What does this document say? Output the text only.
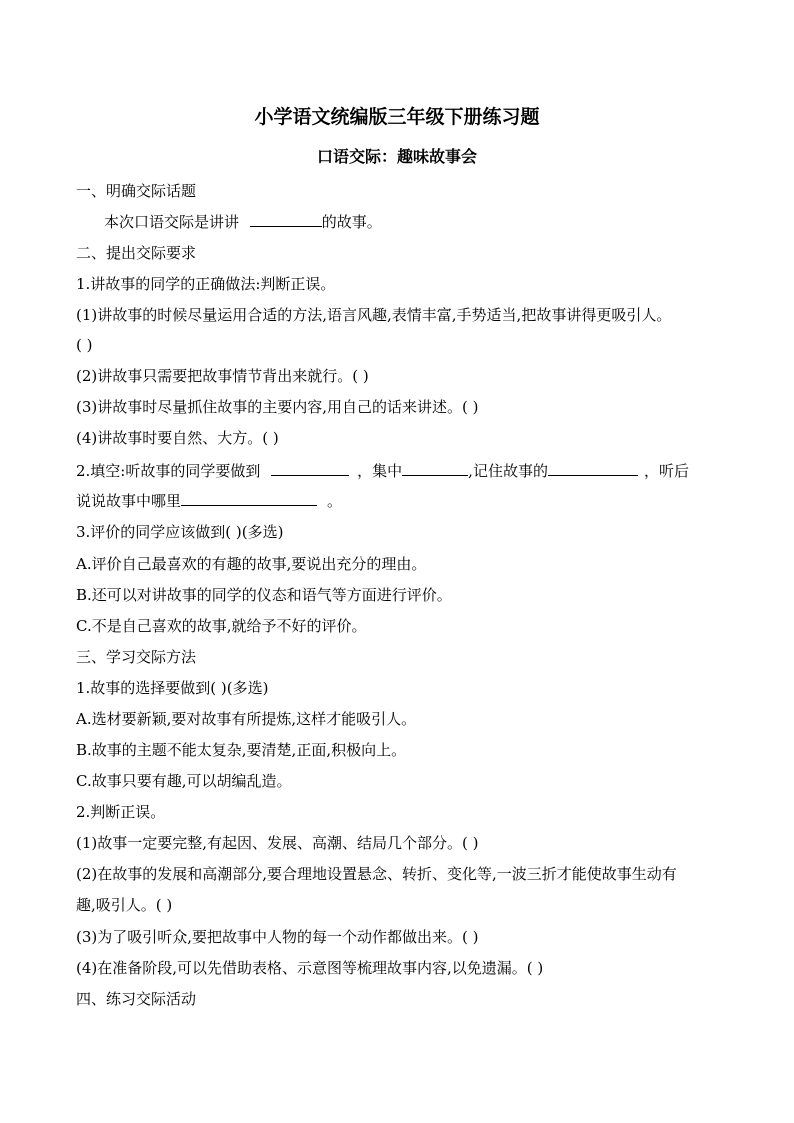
小学语文统编版三年级下册练习题
口语交际：趣味故事会
一、明确交际话题
本次口语交际是讲讲	的故事。
二、提出交际要求
1.讲故事的同学的正确做法:判断正误。
(1)讲故事的时候尽量运用合适的方法,语言风趣,表情丰富,手势适当,把故事讲得更吸引人。
( )
(2)讲故事只需要把故事情节背出来就行。( )
(3)讲故事时尽量抓住故事的主要内容,用自己的话来讲述。( )
(4)讲故事时要自然、大方。( )
2.填空:听故事的同学要做到	，集中	,记住故事的	，听后
说说故事中哪里	。
3.评价的同学应该做到( )(多选)
A.评价自己最喜欢的有趣的故事,要说出充分的理由。
B.还可以对讲故事的同学的仪态和语气等方面进行评价。
C.不是自己喜欢的故事,就给予不好的评价。
三、学习交际方法
1.故事的选择要做到( )(多选)
A.选材要新颖,要对故事有所提炼,这样才能吸引人。
B.故事的主题不能太复杂,要清楚,正面,积极向上。
C.故事只要有趣,可以胡编乱造。
2.判断正误。
(1)故事一定要完整,有起因、发展、高潮、结局几个部分。( )
(2)在故事的发展和高潮部分,要合理地设置悬念、转折、变化等,一波三折才能使故事生动有
趣,吸引人。( )
(3)为了吸引听众,要把故事中人物的每一个动作都做出来。( )
(4)在准备阶段,可以先借助表格、示意图等梳理故事内容,以免遗漏。( )
四、练习交际活动
